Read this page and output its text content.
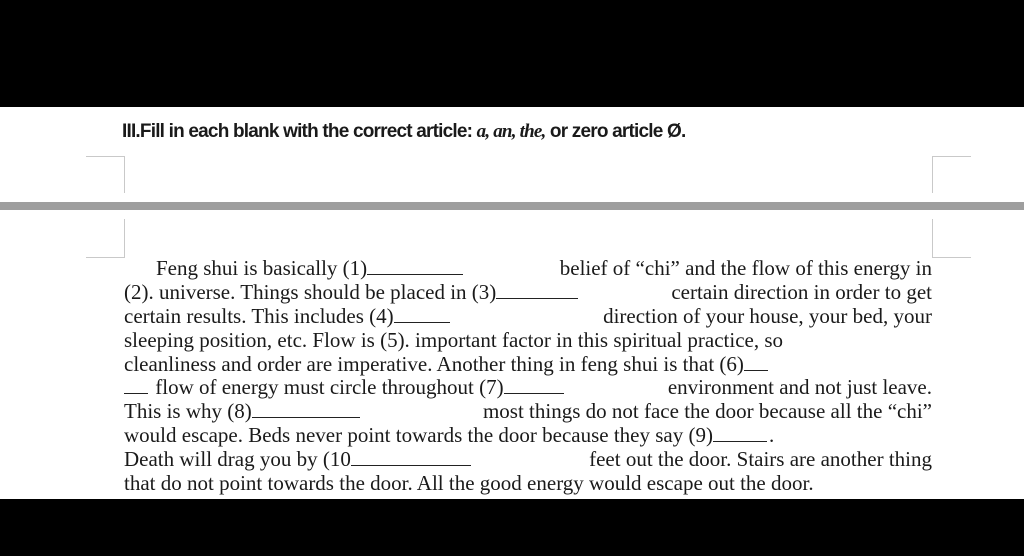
III.Fill in each blank with the correct article: a, an, the, or zero article Ø.
Feng shui is basically (1)	belief of “chi” and the flow of this energy in
(2). universe. Things should be placed in (3)	certain direction in order to get
certain results. This includes (4)	direction of your house, your bed, your
sleeping position, etc. Flow is (5). important factor in this spiritual practice, so
cleanliness and order are imperative. Another thing in feng shui is that (6)
flow of energy must circle throughout (7)	environment and not just leave.
This is why (8)	most things do not face the door because all the “chi”
would escape. Beds never point towards the door because they say (9)	.
Death will drag you by (10	feet out the door. Stairs are another thing
that do not point towards the door. All the good energy would escape out the door.
